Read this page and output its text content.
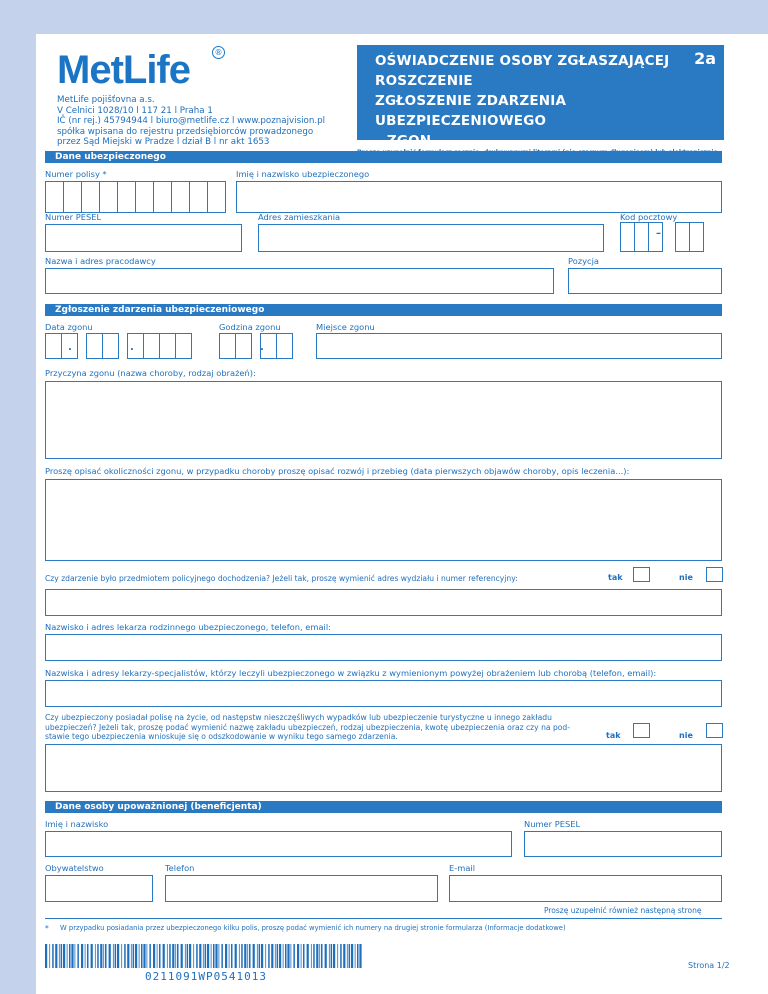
MetLife	®
MetLife pojišťovna a.s.
V Celnici 1028/10 l 117 21 l Praha 1
IČ (nr rej.) 45794944 l biuro@metlife.cz l www.poznajvision.pl
spółka wpisana do rejestru przedsiębiorców prowadzonego
przez Sąd Miejski w Pradze l dział B l nr akt 1653
OŚWIADCZENIE OSOBY ZGŁASZAJĄCEJ
ROSZCZENIE
ZGŁOSZENIE ZDARZENIA UBEZPIECZENIOWEGO
– ZGON
2a
Dane ubezpieczonego
Numer polisy *	Imię i nazwisko ubezpieczonego
Numer PESEL	Adres zamieszkania	Kod pocztowy
–
Nazwa i adres pracodawcy	Pozycja
Zgłoszenie zdarzenia ubezpieczeniowego
Data zgonu	Godzina zgonu	Miejsce zgonu
Przyczyna zgonu (nazwa choroby, rodzaj obrażeń):
Proszę opisać okoliczności zgonu, w przypadku choroby proszę opisać rozwój i przebieg (data pierwszych objawów choroby, opis leczenia...):
Czy zdarzenie było przedmiotem policyjnego dochodzenia? Jeżeli tak, proszę wymienić adres wydziału i numer referencyjny:	tak	nie
Nazwisko i adres lekarza rodzinnego ubezpieczonego, telefon, email:
Nazwiska i adresy lekarzy-specjalistów, którzy leczyli ubezpieczonego w związku z wymienionym powyżej obrażeniem lub chorobą (telefon, email):
Czy ubezpieczony posiadał polisę na życie, od następstw nieszczęśliwych wypadków lub ubezpieczenie turystyczne u innego zakładu
ubezpieczeń? Jeżeli tak, proszę podać wymienić nazwę zakładu ubezpieczeń, rodzaj ubezpieczenia, kwotę ubezpieczenia oraz czy na pod-
stawie tego ubezpieczenia wnioskuje się o odszkodowanie w wyniku tego samego zdarzenia.	tak	nie
Dane osoby upoważnionej (beneficjenta)
Imię i nazwisko	Numer PESEL
Obywatelstwo	Telefon	E-mail
Proszę uzupełnić również następną stronę
* W przypadku posiadania przez ubezpieczonego kilku polis, proszę podać wymienić ich numery na drugiej stronie formularza (Informacje dodatkowe)
0211091WP0541013
Strona 1/2
.	.	.
